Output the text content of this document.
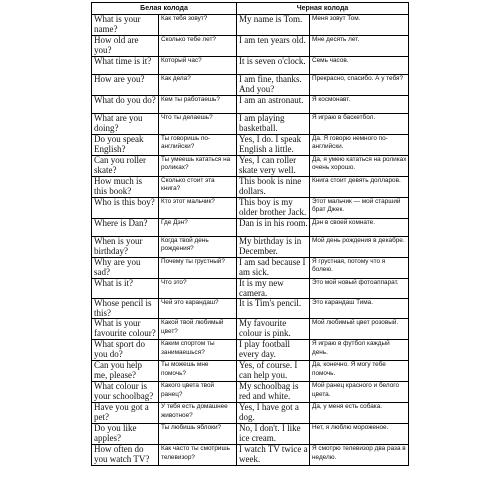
Белая колода		Черная колода	
What is your name?	Как тебя зовут?	My name is Tom.	Меня зовут Том.
How old are you?	Сколько тебе лет?	I am ten years old.	Мне десять лет.
What time is it?	Который час?	It is seven o'clock.	Семь часов.
How are you?	Как дела?	I am fine, thanks. And you?	Прекрасно, спасибо. А у тебя?
What do you do?	Кем ты работаешь?	I am an astronaut.	Я космонавт.
What are you doing?	Что ты делаешь?	I am playing basketball.	Я играю в баскетбол.
Do you speak English?	Ты говоришь по-английски?	Yes, I do. I speak English a little.	Да. Я говорю немного по-английски.
Can you roller skate?	Ты умеешь кататься на роликах?	Yes, I can roller skate very well.	Да, я умею кататься на роликах очень хорошо.
How much is this book?	Сколько стоит эта книга?	This book is nine dollars.	Книга стоит девять долларов.
Who is this boy?	Кто этот мальчик?	This boy is my older brother Jack.	Этот мальчик — мой старший брат Джек.
Where is Dan?	Где Дэн?	Dan is in his room.	Дэн в своей комнате.
When is your birthday?	Когда твой день рождения?	My birthday is in December.	Мой день рождения в декабре.
Why are you sad?	Почему ты грустный?	I am sad because I am sick.	Я грустная, потому что я болею.
What is it?	Что это?	It is my new camera.	Это мой новый фотоаппарат.
Whose pencil is this?	Чей это карандаш?	It is Tim's pencil.	Это карандаш Тима.
What is your favourite colour?	Какой твой любимый цвет?	My favourite colour is pink.	Мой любимый цвет розовый.
What sport do you do?	Каким спортом ты занимаешься?	I play football every day.	Я играю в футбол каждый день.
Can you help me, please?	Ты можешь мне помочь?	Yes, of course. I can help you.	Да, конечно. Я могу тебе помочь.
What colour is your schoolbag?	Какого цвета твой ранец?	My schoolbag is red and white.	Мой ранец красного и белого цвета.
Have you got a pet?	У тебя есть домашнее животное?	Yes, I have got a dog.	Да, у меня есть собака.
Do you like apples?	Ты любишь яблоки?	No, I don't. I like ice cream.	Нет, я люблю мороженое.
How often do you watch TV?	Как часто ты смотришь телевизор?	I watch TV twice a week.	Я смотрю телевизор два раза в неделю.
